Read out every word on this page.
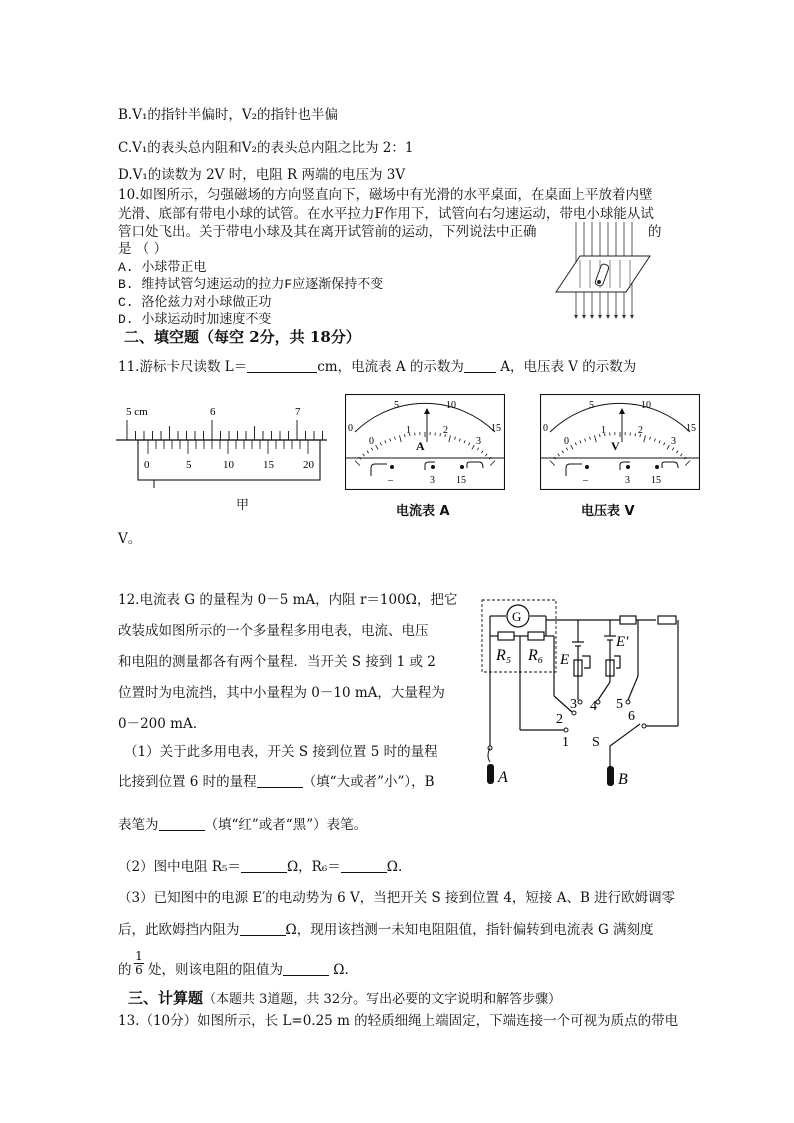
B.V₁的指针半偏时，V₂的指针也半偏
C.V₁的表头总内阻和V₂的表头总内阻之比为 2：1
D.V₁的读数为 2V 时，电阻 R 两端的电压为 3V
10.如图所示，匀强磁场的方向竖直向下，磁场中有光滑的水平桌面，在桌面上平放着内壁
光滑、底部有带电小球的试管。在水平拉力F作用下，试管向右匀速运动，带电小球能从试
管口处飞出。关于带电小球及其在离开试管前的运动，下列说法中正确	的
是 （ ）
A. 小球带正电
B. 维持试管匀速运动的拉力F应逐渐保持不变
C. 洛伦兹力对小球做正功
D. 小球运动时加速度不变
二、填空题（每空 2分，共 18分）
11.游标卡尺读数 L＝	cm，电流表 A 的示数为 A，电压表 V 的示数为
5 cm	6	7
0	5	10	15	20
甲
0
5	10
15
0
1	2
3
A
–	3 15
电流表 A
0
5	10
15
0
1	2
3
V
–	3 15
电压表 V
V。
12.电流表 G 的量程为 0－5 mA，内阻 r＝100Ω，把它
改装成如图所示的一个多量程多用电表，电流、电压
和电阻的测量都各有两个量程．当开关 S 接到 1 或 2
位置时为电流挡，其中小量程为 0－10 mA，大量程为
0－200 mA.
（1）关于此多用电表，开关 S 接到位置 5 时的量程
比接到位置 6 时的量程	（填“大或者”小”），B
表笔为	（填“红”或者“黑”）表笔。
（2）图中电阻 R₅＝	Ω，R₆＝	Ω.
（3）已知图中的电源 E′的电动势为 6 V，当把开关 S 接到位置 4，短接 A、B 进行欧姆调零
后，此欧姆挡内阻为	Ω，现用该挡测一未知电阻阻值，指针偏转到电流表 G 满刻度
的 $\frac{1}{6}$ 处，则该电阻的阻值为	Ω.
G
R₅ R₆ E
E′
1
2
3 4 5
6
S
A	B
三、计算题（本题共 3道题，共 32分。写出必要的文字说明和解答步骤）
13.（10分）如图所示，长 L=0.25 m 的轻质细绳上端固定，下端连接一个可视为质点的带电
